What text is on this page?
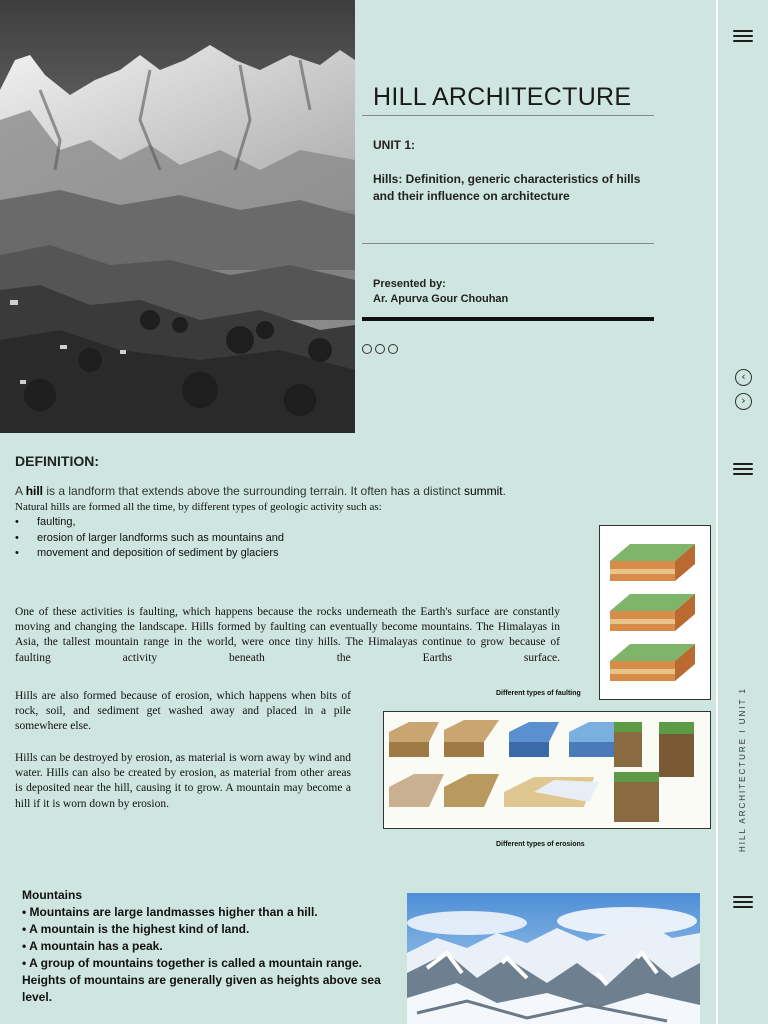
HILL ARCHITECTURE
UNIT 1:
Hills: Definition, generic characteristics of hills and their influence on architecture
Presented by:
Ar. Apurva Gour Chouhan
DEFINITION:
A hill is a landform that extends above the surrounding terrain. It often has a distinct summit.
Natural hills are formed all the time, by different types of geologic activity such as:
• faulting,
• erosion of larger landforms such as mountains and
• movement and deposition of sediment by glaciers
One of these activities is faulting, which happens because the rocks underneath the Earth's surface are constantly moving and changing the landscape. Hills formed by faulting can eventually become mountains. The Himalayas in Asia, the tallest mountain range in the world, were once tiny hills. The Himalayas continue to grow because of faulting activity beneath the Earths surface.
Hills are also formed because of erosion, which happens when bits of rock, soil, and sediment get washed away and placed in a pile somewhere else.
Hills can be destroyed by erosion, as material is worn away by wind and water. Hills can also be created by erosion, as material from other areas is deposited near the hill, causing it to grow. A mountain may become a hill if it is worn down by erosion.
Different types of faulting
Different types of erosions
Mountains
• Mountains are large landmasses higher than a hill.
• A mountain is the highest kind of land.
• A mountain has a peak.
• A group of mountains together is called a mountain range.
Heights of mountains are generally given as heights above sea level.
‹
›
HILL ARCHITECTURE I UNIT 1
